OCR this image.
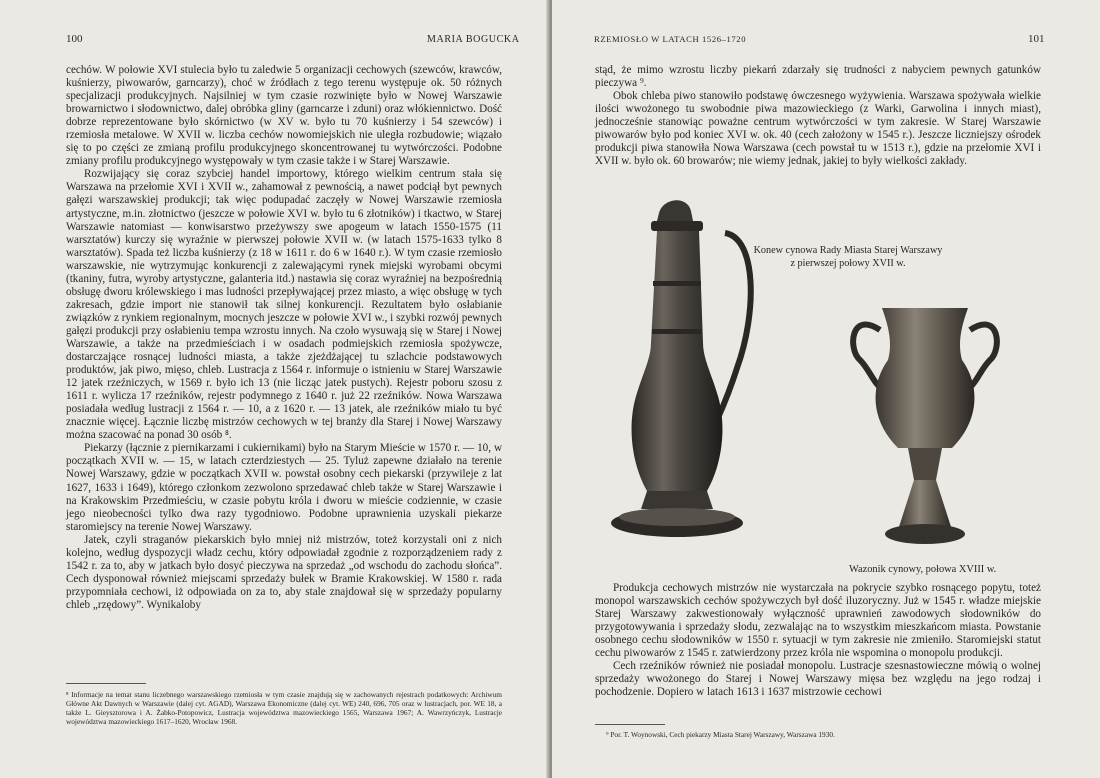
100	MARIA BOGUCKA

cechów. W połowie XVI stulecia było tu zaledwie 5 organizacji cechowych (szewców, krawców, kuśnierzy, piwowarów, garncarzy), choć w źródłach z tego terenu występuje ok. 50 różnych specjalizacji produkcyjnych. Najsilniej w tym czasie rozwinięte było w Nowej Warszawie browarnictwo i słodownictwo, dalej obróbka gliny (garncarze i zduni) oraz włókiennictwo. Dość dobrze reprezentowane było skórnictwo (w XV w. było tu 70 kuśnierzy i 54 szewców) i rzemiosła metalowe. W XVII w. liczba cechów nowomiejskich nie uległa rozbudowie; wiązało się to po części ze zmianą profilu produkcyjnego skoncentrowanej tu wytwórczości. Podobne zmiany profilu produkcyjnego występowały w tym czasie także i w Starej Warszawie.

Rozwijający się coraz szybciej handel importowy, którego wielkim centrum stała się Warszawa na przełomie XVI i XVII w., zahamował z pewnością, a nawet podciął byt pewnych gałęzi warszawskiej produkcji; tak więc podupadać zaczęły w Nowej Warszawie rzemiosła artystyczne, m.in. złotnictwo (jeszcze w połowie XVI w. było tu 6 złotników) i tkactwo, w Starej Warszawie natomiast — konwisarstwo przeżywszy swe apogeum w latach 1550-1575 (11 warsztatów) kurczy się wyraźnie w pierwszej połowie XVII w. (w latach 1575-1633 tylko 8 warsztatów). Spada też liczba kuśnierzy (z 18 w 1611 r. do 6 w 1640 r.). W tym czasie rzemiosło warszawskie, nie wytrzymując konkurencji z zalewającymi rynek miejski wyrobami obcymi (tkaniny, futra, wyroby artystyczne, galanteria itd.) nastawia się coraz wyraźniej na bezpośrednią obsługę dworu królewskiego i mas ludności przepływającej przez miasto, a więc obsługę w tych zakresach, gdzie import nie stanowił tak silnej konkurencji. Rezultatem było osłabianie związków z rynkiem regionalnym, mocnych jeszcze w połowie XVI w., i szybki rozwój pewnych gałęzi produkcji przy osłabieniu tempa wzrostu innych. Na czoło wysuwają się w Starej i Nowej Warszawie, a także na przedmieściach i w osadach podmiejskich rzemiosła spożywcze, dostarczające rosnącej ludności miasta, a także zjeżdżającej tu szlachcie podstawowych produktów, jak piwo, mięso, chleb. Lustracja z 1564 r. informuje o istnieniu w Starej Warszawie 12 jatek rzeźniczych, w 1569 r. było ich 13 (nie licząc jatek pustych). Rejestr poboru szosu z 1611 r. wylicza 17 rzeźników, rejestr podymnego z 1640 r. już 22 rzeźników. Nowa Warszawa posiadała według lustracji z 1564 r. — 10, a z 1620 r. — 13 jatek, ale rzeźników miało tu być znacznie więcej. Łącznie liczbę mistrzów cechowych w tej branży dla Starej i Nowej Warszawy można szacować na ponad 30 osób ⁸.

Piekarzy (łącznie z piernikarzami i cukiernikami) było na Starym Mieście w 1570 r. — 10, w początkach XVII w. — 15, w latach czterdziestych — 25. Tyluż zapewne działało na terenie Nowej Warszawy, gdzie w początkach XVII w. powstał osobny cech piekarski (przywileje z lat 1627, 1633 i 1649), którego członkom zezwolono sprzedawać chleb także w Starej Warszawie i na Krakowskim Przedmieściu, w czasie pobytu króla i dworu w mieście codziennie, w czasie jego nieobecności tylko dwa razy tygodniowo. Podobne uprawnienia uzyskali piekarze staromiejscy na terenie Nowej Warszawy.

Jatek, czyli straganów piekarskich było mniej niż mistrzów, toteż korzystali oni z nich kolejno, według dyspozycji władz cechu, który odpowiadał zgodnie z rozporządzeniem rady z 1542 r. za to, aby w jatkach było dosyć pieczywa na sprzedaż „od wschodu do zachodu słońca”. Cech dysponował również miejscami sprzedaży bułek w Bramie Krakowskiej. W 1580 r. rada przypomniała cechowi, iż odpowiada on za to, aby stale znajdował się w sprzedaży popularny chleb „rzędowy”. Wynikaloby

⁸ Informacje na temat stanu liczebnego warszawskiego rzemiosła w tym czasie znajdują się w zachowanych rejestrach podatkowych: Archiwum Główne Akt Dawnych w Warszawie (dalej cyt. AGAD), Warszawa Ekonomiczne (dalej cyt. WE) 240, 696, 705 oraz w lustracjach, por. WE 18, a także L. Gieysztorowa i A. Żabko-Potopowicz, Lustracja województwa mazowieckiego 1565, Warszawa 1967; A. Wawrzyńczyk, Lustracje województwa mazowieckiego 1617–1620, Wrocław 1968.
RZEMIOSŁO W LATACH 1526–1720	101

stąd, że mimo wzrostu liczby piekarń zdarzały się trudności z nabyciem pewnych gatunków pieczywa ⁹.

Obok chleba piwo stanowiło podstawę ówczesnego wyżywienia. Warszawa spożywała wielkie ilości wwożonego tu swobodnie piwa mazowieckiego (z Warki, Garwolina i innych miast), jednocześnie stanowiąc poważne centrum wytwórczości w tym zakresie. W Starej Warszawie piwowarów było pod koniec XVI w. ok. 40 (cech założony w 1545 r.). Jeszcze liczniejszy ośrodek produkcji piwa stanowiła Nowa Warszawa (cech powstał tu w 1513 r.), gdzie na przełomie XVI i XVII w. było ok. 60 browarów; nie wiemy jednak, jakiej to były wielkości zakłady.

Konew cynowa Rady Miasta Starej Warszawy
z pierwszej połowy XVII w.
Wazonik cynowy, połowa XVIII w.

Produkcja cechowych mistrzów nie wystarczała na pokrycie szybko rosnącego popytu, toteż monopol warszawskich cechów spożywczych był dość iluzoryczny. Już w 1545 r. władze miejskie Starej Warszawy zakwestionowały wyłączność uprawnień zawodowych słodowników do przygotowywania i sprzedaży słodu, zezwalając na to wszystkim mieszkańcom miasta. Powstanie osobnego cechu słodowników w 1550 r. sytuacji w tym zakresie nie zmieniło. Staromiejski statut cechu piwowarów z 1545 r. zatwierdzony przez króla nie wspomina o monopolu produkcji.

Cech rzeźników również nie posiadał monopolu. Lustracje szesnastowieczne mówią o wolnej sprzedaży wwożonego do Starej i Nowej Warszawy mięsa bez względu na jego rodzaj i pochodzenie. Dopiero w latach 1613 i 1637 mistrzowie cechowi

⁹ Por. T. Woynowski, Cech piekarzy Miasta Starej Warszawy, Warszawa 1930.
